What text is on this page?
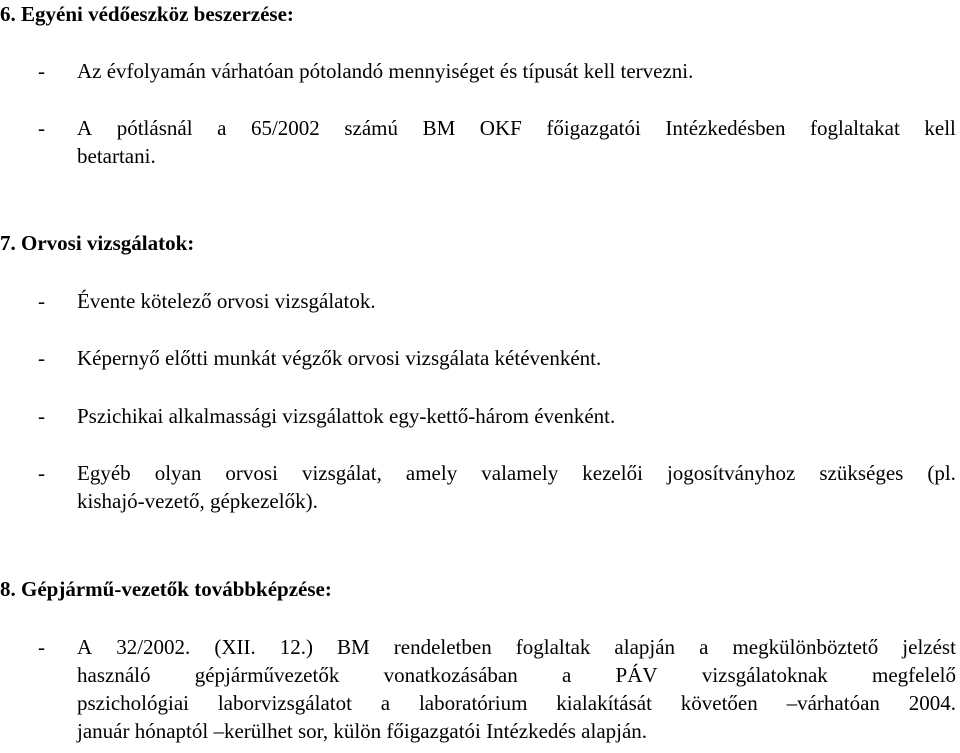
6. Egyéni védőeszköz beszerzése:
- Az évfolyamán várhatóan pótolandó mennyiséget és típusát kell tervezni.
- A pótlásnál a 65/2002 számú BM OKF főigazgatói Intézkedésben foglaltakat kell
betartani.
7. Orvosi vizsgálatok:
- Évente kötelező orvosi vizsgálatok.
- Képernyő előtti munkát végzők orvosi vizsgálata kétévenként.
- Pszichikai alkalmassági vizsgálattok egy-kettő-három évenként.
- Egyéb olyan orvosi vizsgálat, amely valamely kezelői jogosítványhoz szükséges (pl.
kishajó-vezető, gépkezelők).
8. Gépjármű-vezetők továbbképzése:
- A 32/2002. (XII. 12.) BM rendeletben foglaltak alapján a megkülönböztető jelzést
használó gépjárművezetők vonatkozásában a PÁV vizsgálatoknak megfelelő
pszichológiai laborvizsgálatot a laboratórium kialakítását követően –várhatóan 2004.
január hónaptól –kerülhet sor, külön főigazgatói Intézkedés alapján.
